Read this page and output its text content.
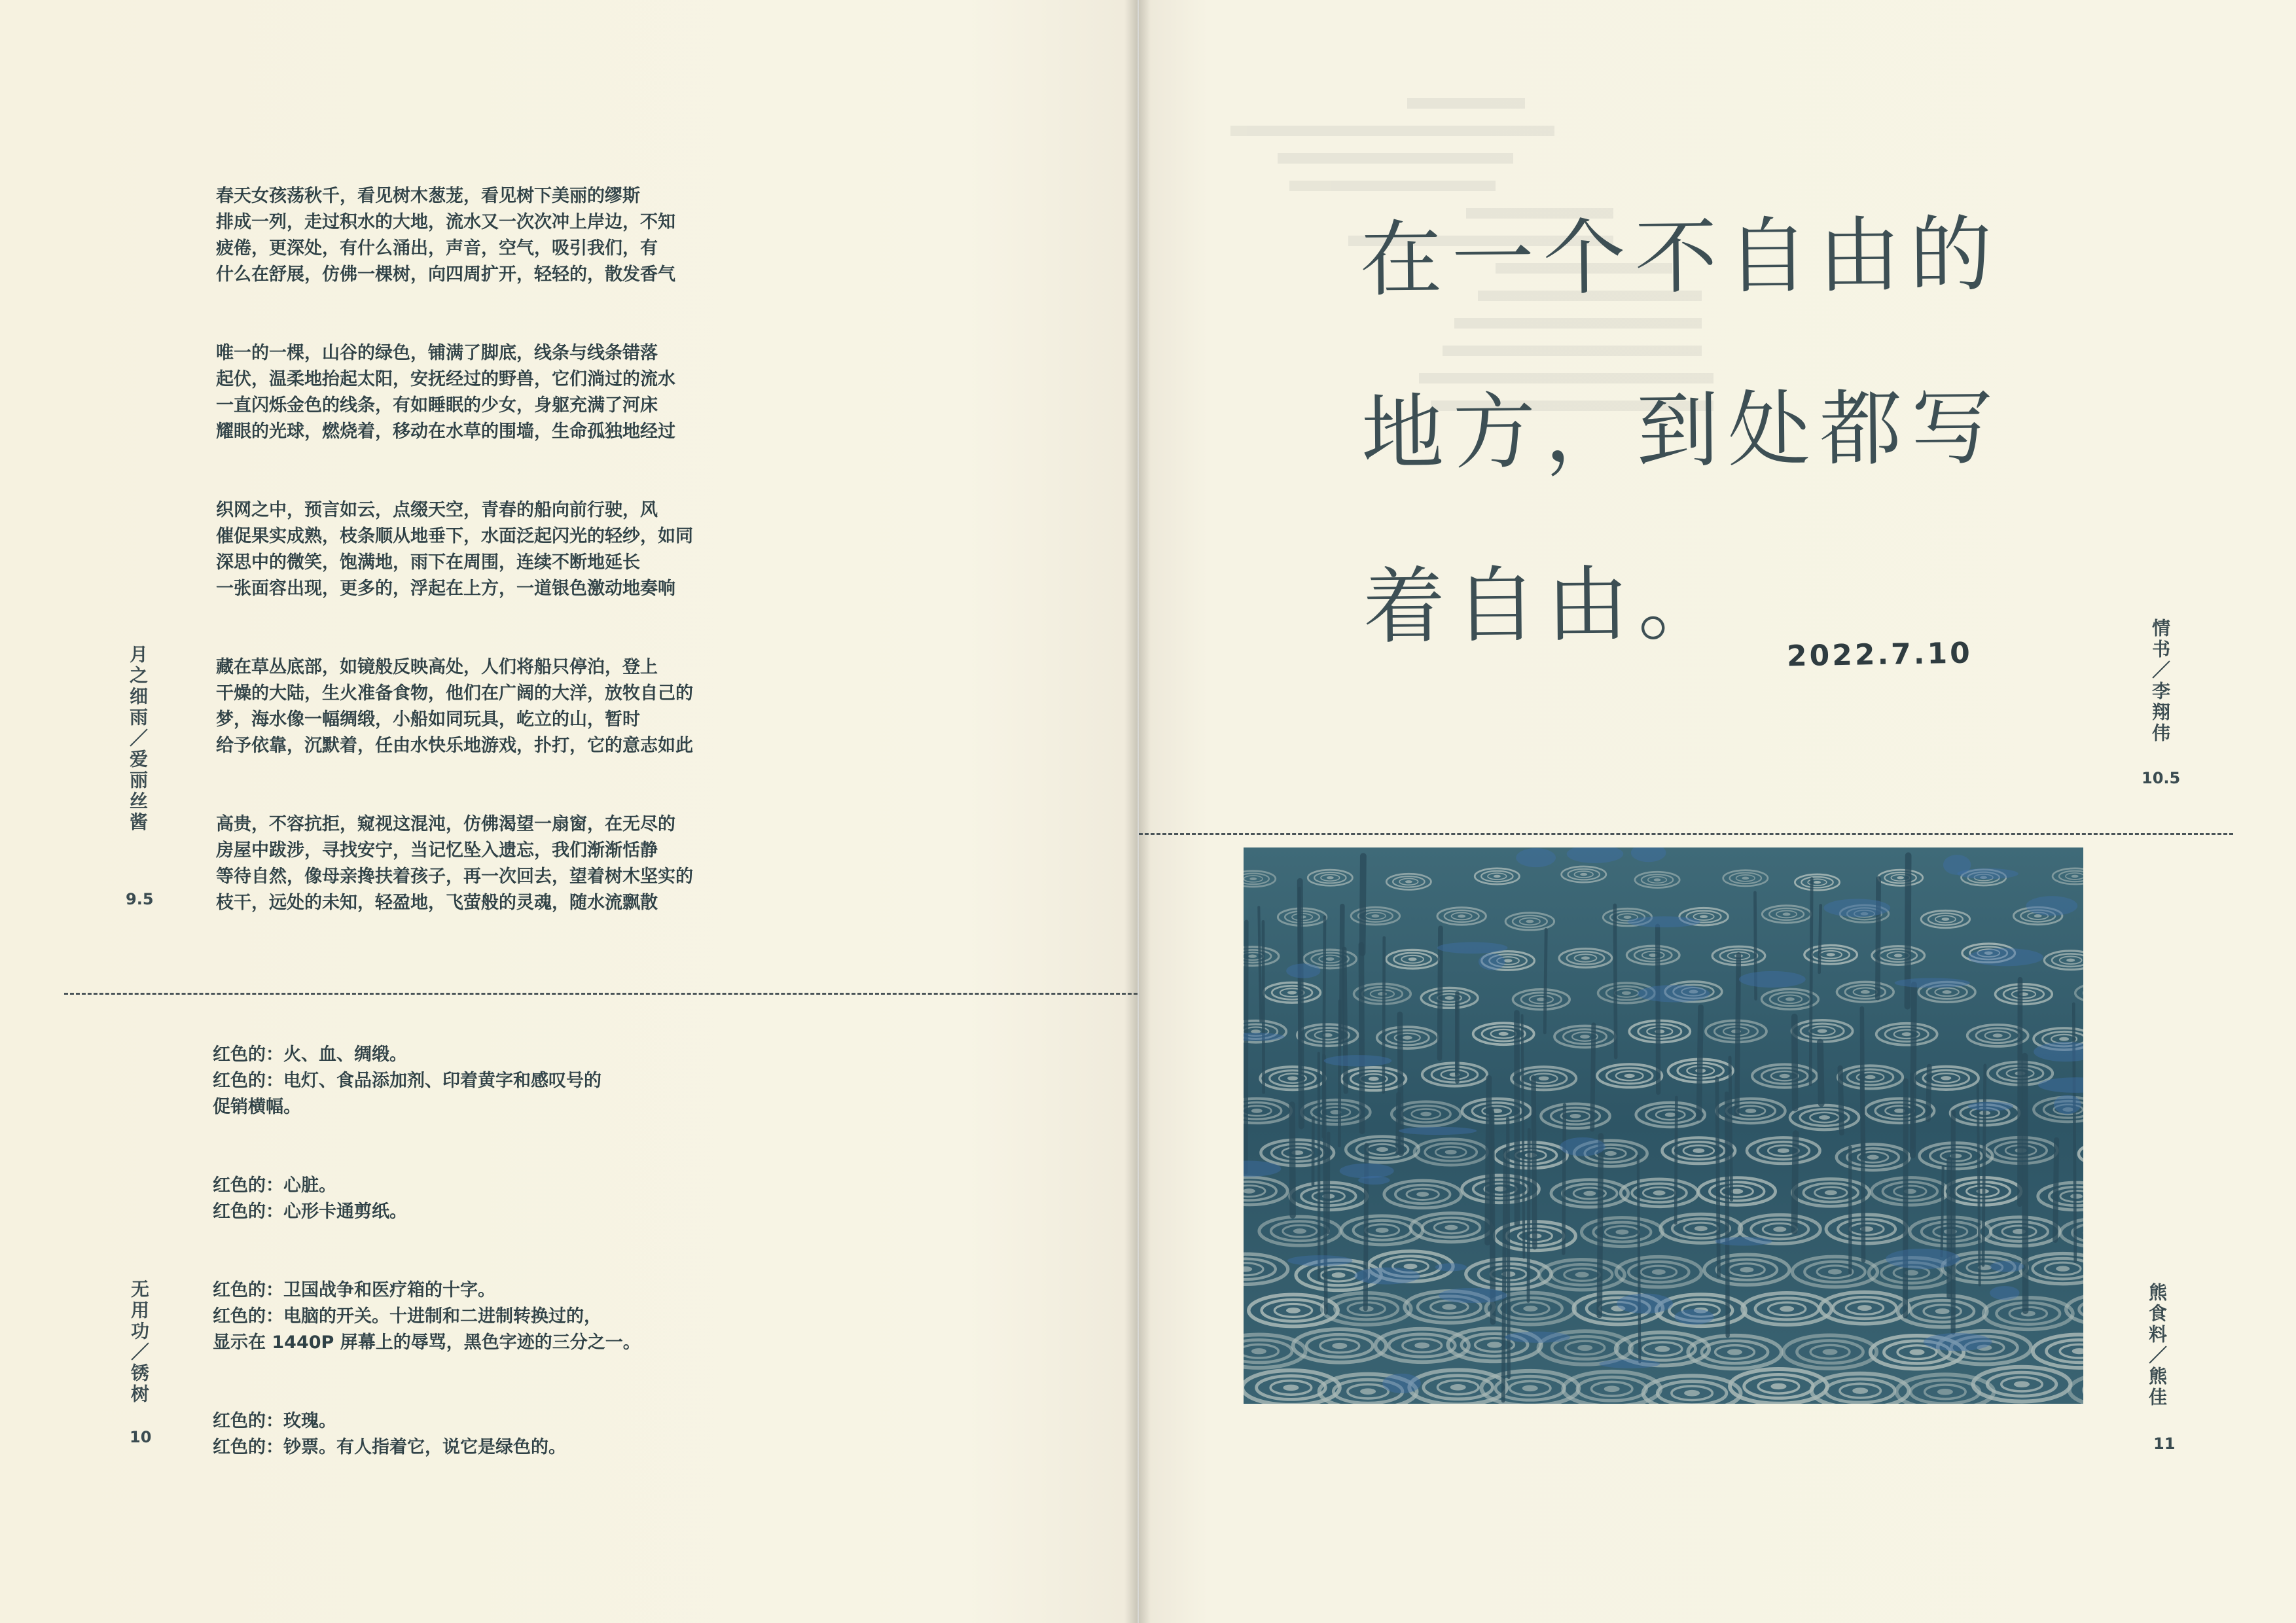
春天女孩荡秋千，看见树木葱茏，看见树下美丽的缪斯
排成一列，走过积水的大地，流水又一次次冲上岸边，不知
疲倦，更深处，有什么涌出，声音，空气，吸引我们，有
什么在舒展，仿佛一棵树，向四周扩开，轻轻的，散发香气

唯一的一棵，山谷的绿色，铺满了脚底，线条与线条错落
起伏，温柔地抬起太阳，安抚经过的野兽，它们淌过的流水
一直闪烁金色的线条，有如睡眠的少女，身躯充满了河床
耀眼的光球，燃烧着，移动在水草的围墙，生命孤独地经过

织网之中，预言如云，点缀天空，青春的船向前行驶，风
催促果实成熟，枝条顺从地垂下，水面泛起闪光的轻纱，如同
深思中的微笑，饱满地，雨下在周围，连续不断地延长
一张面容出现，更多的，浮起在上方，一道银色激动地奏响

藏在草丛底部，如镜般反映高处，人们将船只停泊，登上
干燥的大陆，生火准备食物，他们在广阔的大洋，放牧自己的
梦，海水像一幅绸缎，小船如同玩具，屹立的山，暂时
给予依靠，沉默着，任由水快乐地游戏，扑打，它的意志如此

高贵，不容抗拒，窥视这混沌，仿佛渴望一扇窗，在无尽的
房屋中跋涉，寻找安宁，当记忆坠入遗忘，我们渐渐恬静
等待自然，像母亲搀扶着孩子，再一次回去，望着树木坚实的
枝干，远处的未知，轻盈地，飞萤般的灵魂，随水流飘散

月之细雨／爱丽丝酱
9.5

红色的：火、血、绸缎。
红色的：电灯、食品添加剂、印着黄字和感叹号的
促销横幅。

红色的：心脏。
红色的：心形卡通剪纸。

红色的：卫国战争和医疗箱的十字。
红色的：电脑的开关。十进制和二进制转换过的，
显示在 1440P 屏幕上的辱骂，黑色字迹的三分之一。

红色的：玫瑰。
红色的：钞票。有人指着它，说它是绿色的。

无用功／锈树
10
在一个不自由的
地方，到处都写
着自由。	2022.7.10	情书／李翔伟
10.5
熊食料／熊佳
11
